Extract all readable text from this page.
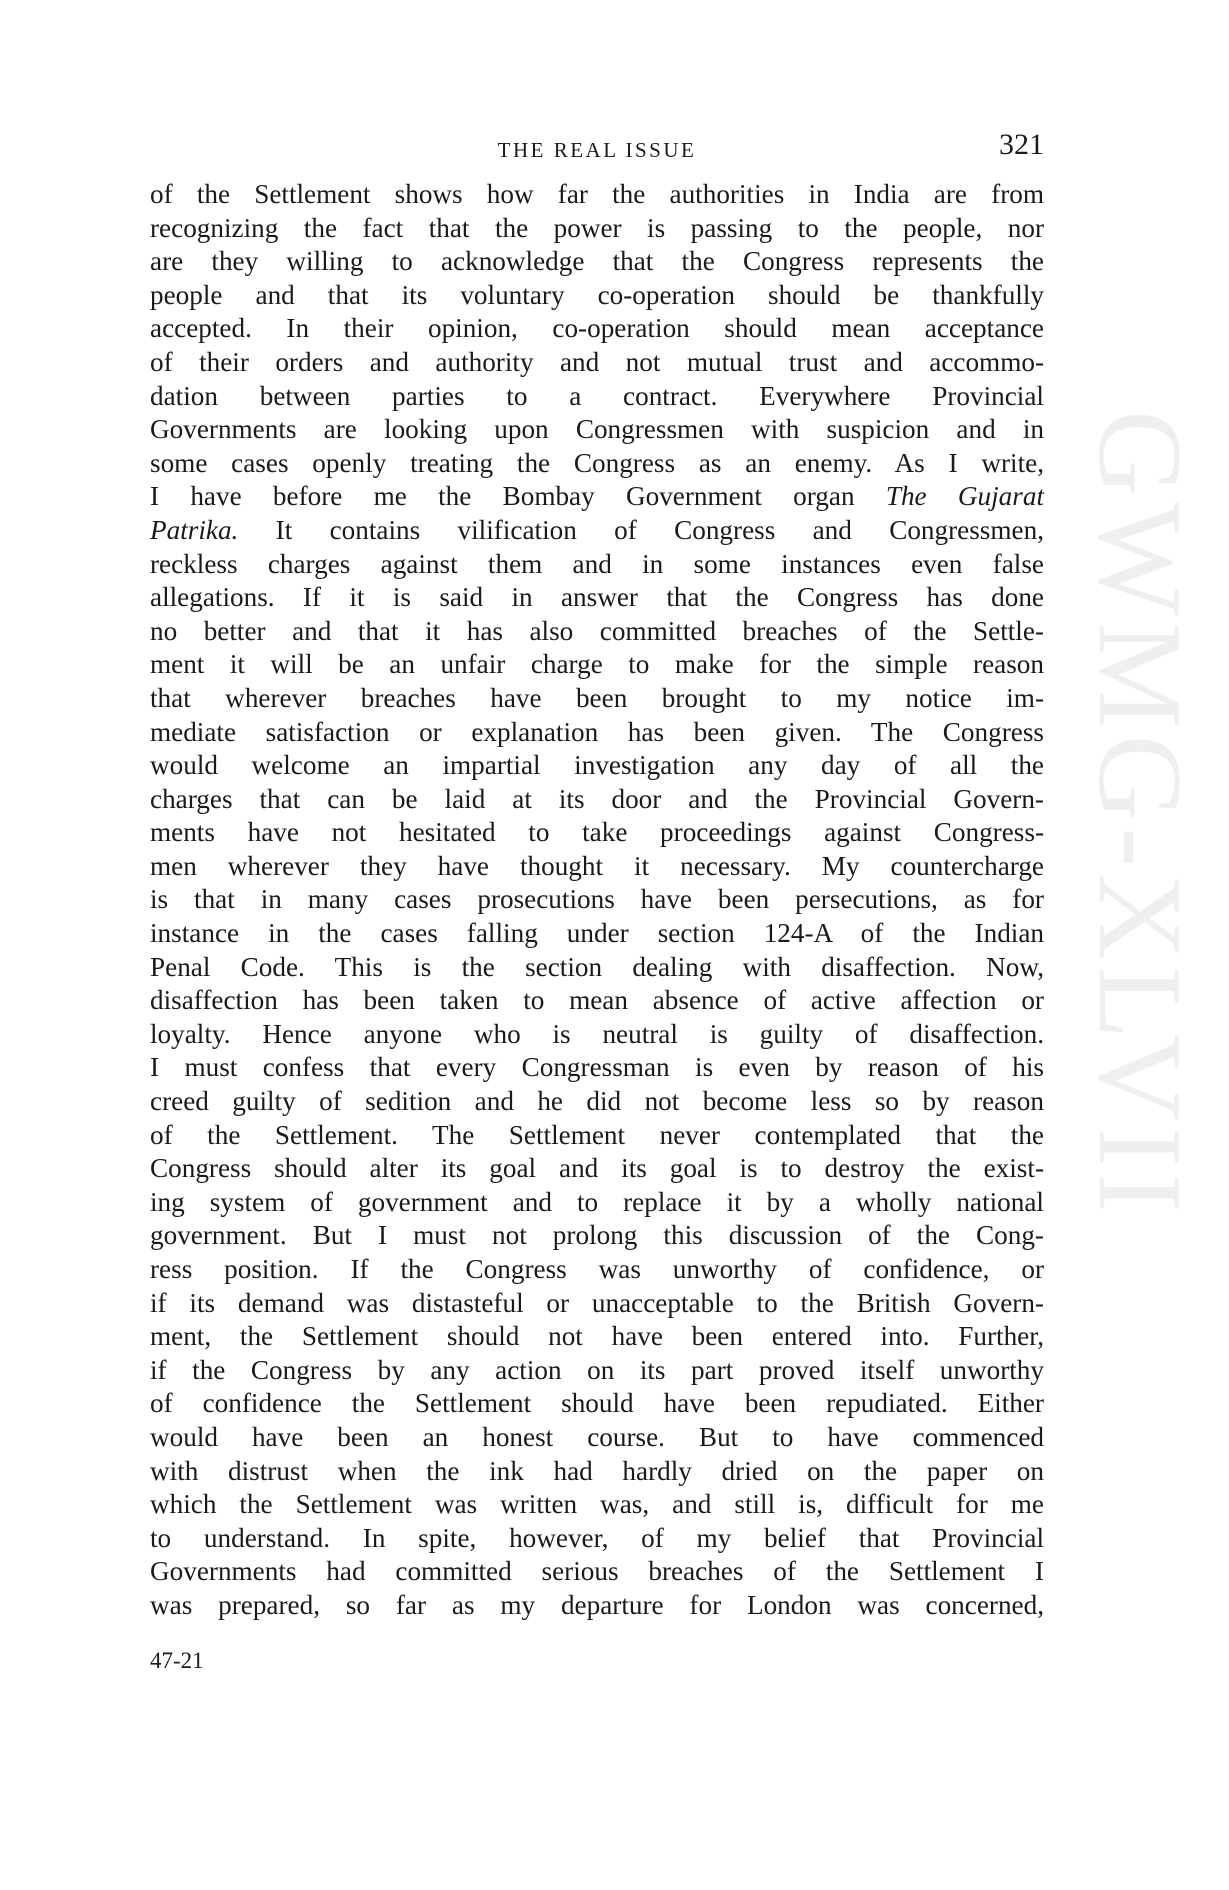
GWMG-XLVII
THE REAL ISSUE	321
of the Settlement shows how far the authorities in India are from
recognizing the fact that the power is passing to the people, nor
are they willing to acknowledge that the Congress represents the
people and that its voluntary co-operation should be thankfully
accepted. In their opinion, co-operation should mean acceptance
of their orders and authority and not mutual trust and accommo-
dation between parties to a contract. Everywhere Provincial
Governments are looking upon Congressmen with suspicion and in
some cases openly treating the Congress as an enemy. As I write,
I have before me the Bombay Government organ The Gujarat
Patrika. It contains vilification of Congress and Congressmen,
reckless charges against them and in some instances even false
allegations. If it is said in answer that the Congress has done
no better and that it has also committed breaches of the Settle-
ment it will be an unfair charge to make for the simple reason
that wherever breaches have been brought to my notice im-
mediate satisfaction or explanation has been given. The Congress
would welcome an impartial investigation any day of all the
charges that can be laid at its door and the Provincial Govern-
ments have not hesitated to take proceedings against Congress-
men wherever they have thought it necessary. My countercharge
is that in many cases prosecutions have been persecutions, as for
instance in the cases falling under section 124-A of the Indian
Penal Code. This is the section dealing with disaffection. Now,
disaffection has been taken to mean absence of active affection or
loyalty. Hence anyone who is neutral is guilty of disaffection.
I must confess that every Congressman is even by reason of his
creed guilty of sedition and he did not become less so by reason
of the Settlement. The Settlement never contemplated that the
Congress should alter its goal and its goal is to destroy the exist-
ing system of government and to replace it by a wholly national
government. But I must not prolong this discussion of the Cong-
ress position. If the Congress was unworthy of confidence, or
if its demand was distasteful or unacceptable to the British Govern-
ment, the Settlement should not have been entered into. Further,
if the Congress by any action on its part proved itself unworthy
of confidence the Settlement should have been repudiated. Either
would have been an honest course. But to have commenced
with distrust when the ink had hardly dried on the paper on
which the Settlement was written was, and still is, difficult for me
to understand. In spite, however, of my belief that Provincial
Governments had committed serious breaches of the Settlement I
was prepared, so far as my departure for London was concerned,
47-21
